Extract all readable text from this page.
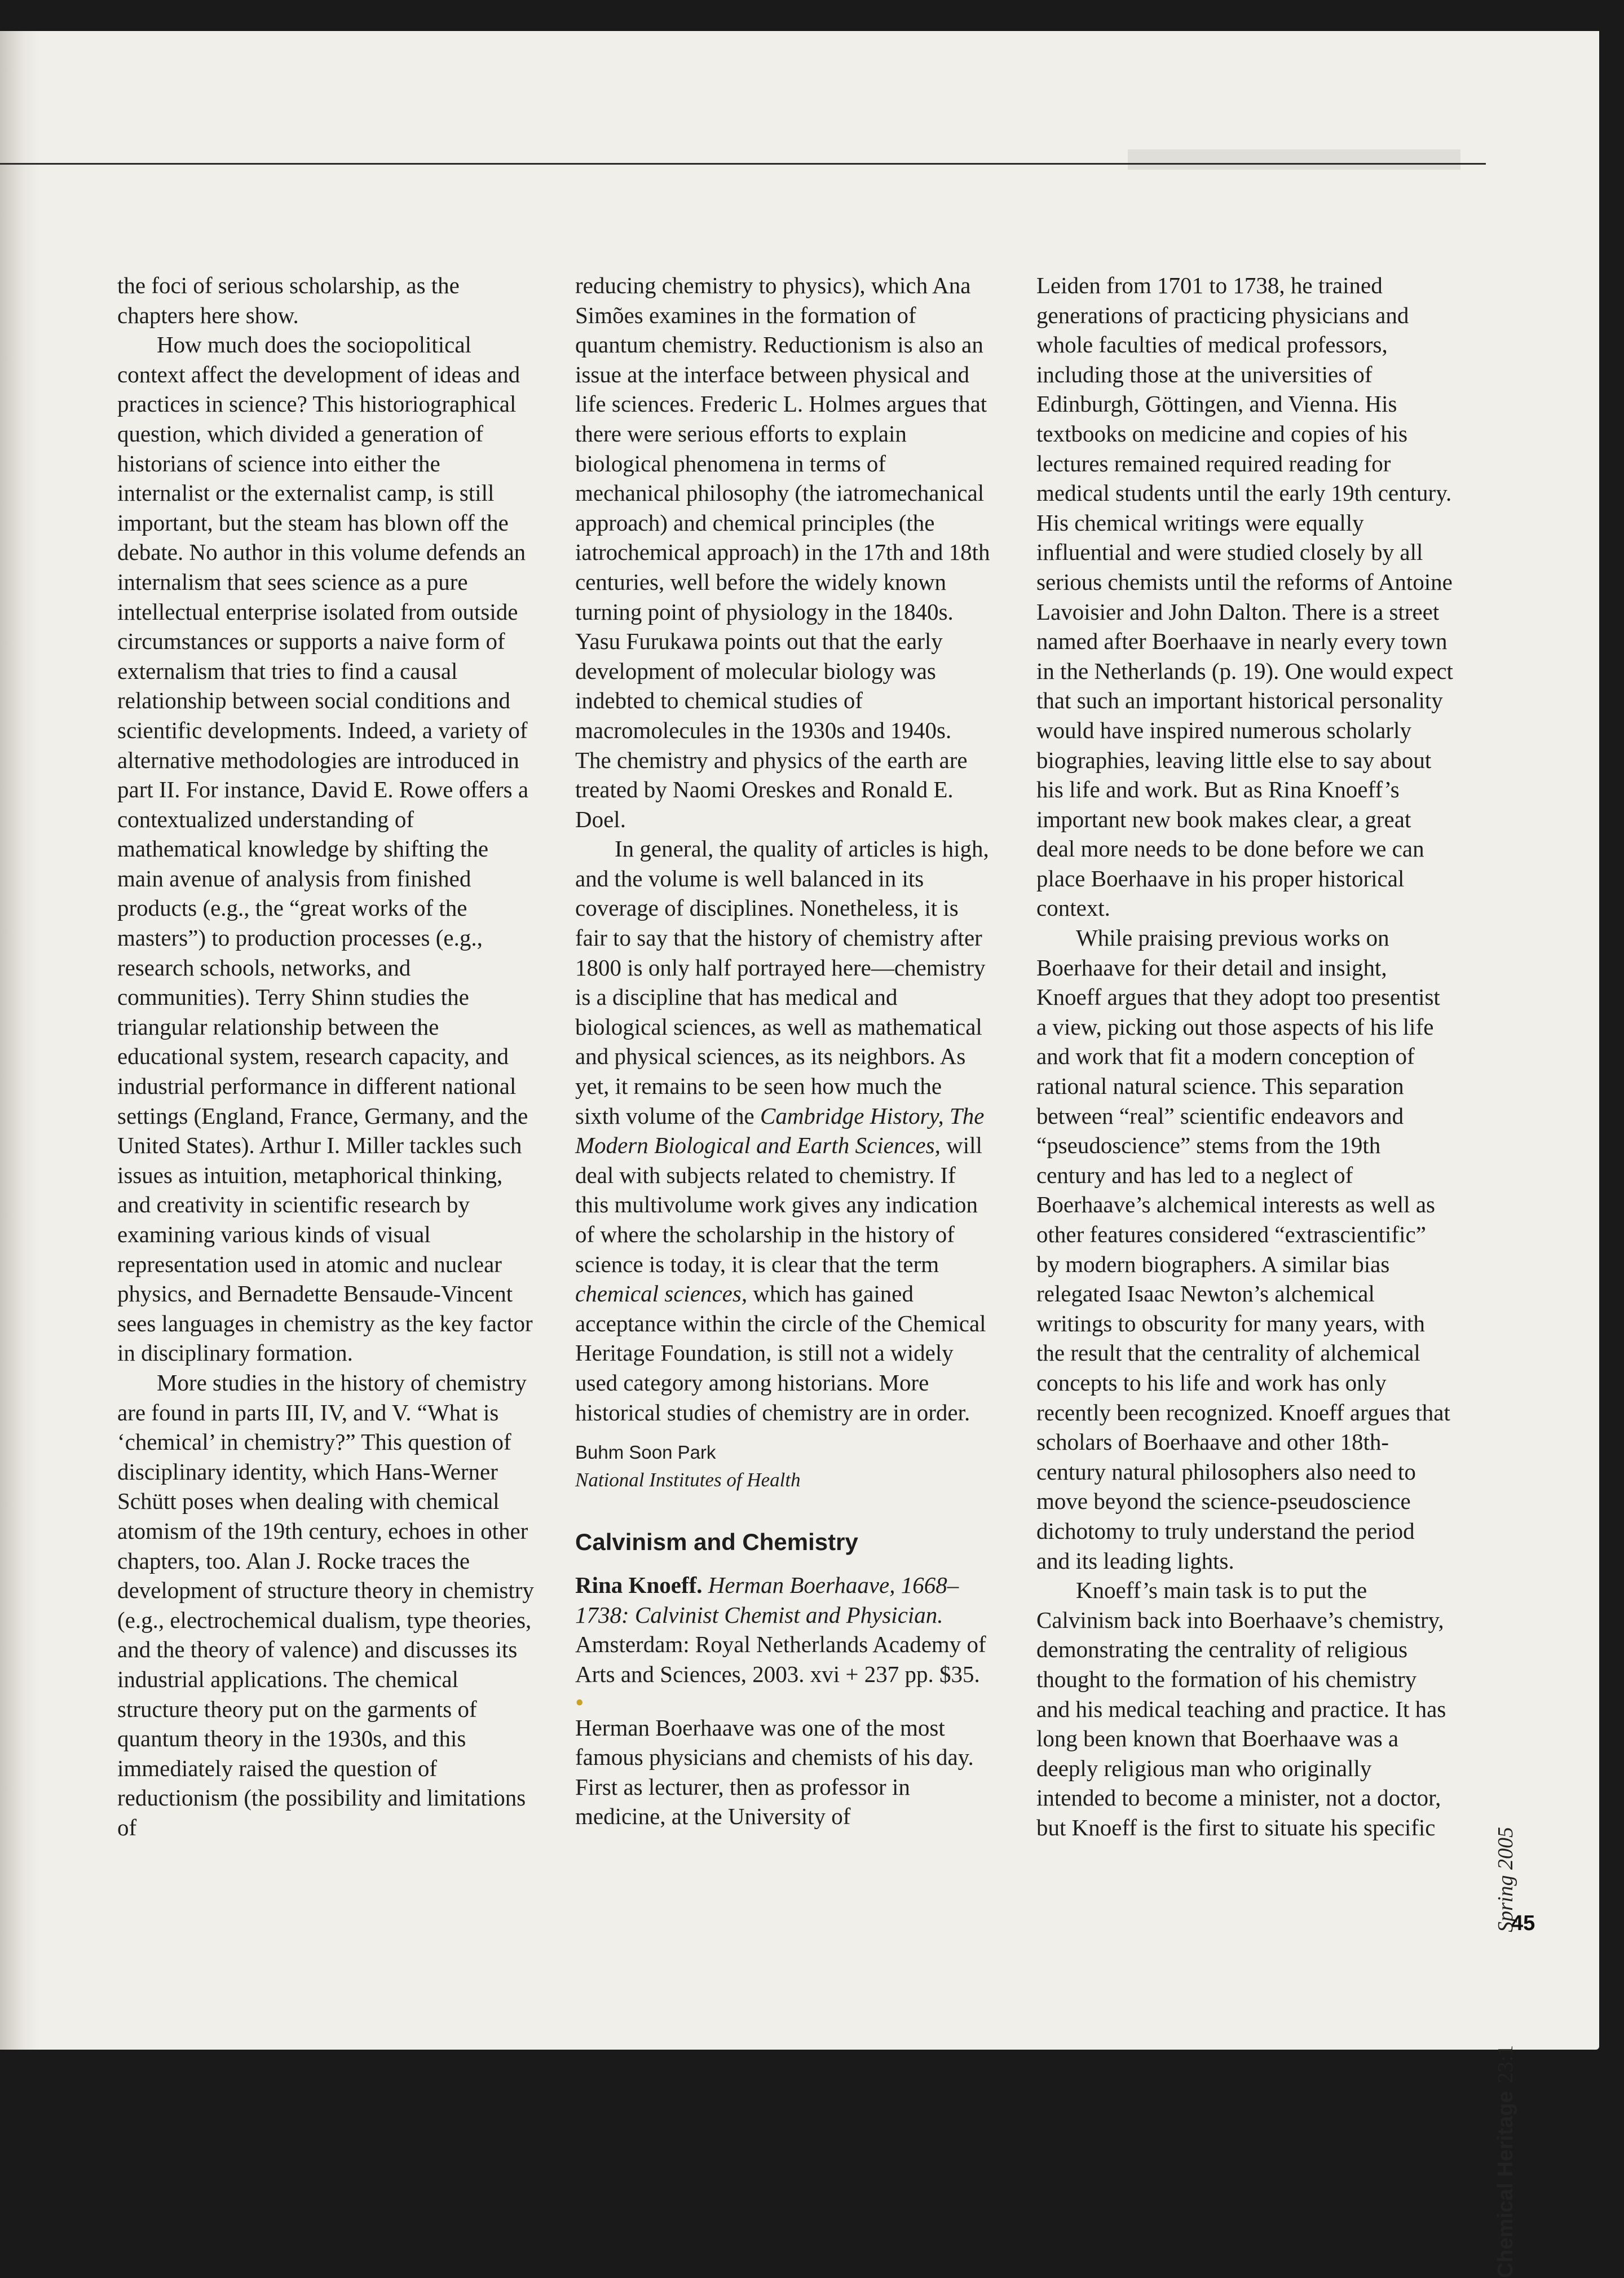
the foci of serious scholarship, as the chapters here show.

How much does the sociopolitical context affect the development of ideas and practices in science? This historiographical question, which divided a generation of historians of science into either the internalist or the externalist camp, is still important, but the steam has blown off the debate. No author in this volume defends an internalism that sees science as a pure intellectual enterprise isolated from outside circumstances or supports a naive form of externalism that tries to find a causal relationship between social conditions and scientific developments. Indeed, a variety of alternative methodologies are introduced in part II. For instance, David E. Rowe offers a contextualized understanding of mathematical knowledge by shifting the main avenue of analysis from finished products (e.g., the “great works of the masters”) to production processes (e.g., research schools, networks, and communities). Terry Shinn studies the triangular relationship between the educational system, research capacity, and industrial performance in different national settings (England, France, Germany, and the United States). Arthur I. Miller tackles such issues as intuition, metaphorical thinking, and creativity in scientific research by examining various kinds of visual representation used in atomic and nuclear physics, and Bernadette Bensaude-Vincent sees languages in chemistry as the key factor in disciplinary formation.

More studies in the history of chemistry are found in parts III, IV, and V. “What is ‘chemical’ in chemistry?” This question of disciplinary identity, which Hans-Werner Schütt poses when dealing with chemical atomism of the 19th century, echoes in other chapters, too. Alan J. Rocke traces the development of structure theory in chemistry (e.g., electrochemical dualism, type theories, and the theory of valence) and discusses its industrial applications. The chemical structure theory put on the garments of quantum theory in the 1930s, and this immediately raised the question of reductionism (the possibility and limitations of

reducing chemistry to physics), which Ana Simões examines in the formation of quantum chemistry. Reductionism is also an issue at the interface between physical and life sciences. Frederic L. Holmes argues that there were serious efforts to explain biological phenomena in terms of mechanical philosophy (the iatromechanical approach) and chemical principles (the iatrochemical approach) in the 17th and 18th centuries, well before the widely known turning point of physiology in the 1840s. Yasu Furukawa points out that the early development of molecular biology was indebted to chemical studies of macromolecules in the 1930s and 1940s. The chemistry and physics of the earth are treated by Naomi Oreskes and Ronald E. Doel.

In general, the quality of articles is high, and the volume is well balanced in its coverage of disciplines. Nonetheless, it is fair to say that the history of chemistry after 1800 is only half portrayed here—chemistry is a discipline that has medical and biological sciences, as well as mathematical and physical sciences, as its neighbors. As yet, it remains to be seen how much the sixth volume of the Cambridge History, The Modern Biological and Earth Sciences, will deal with subjects related to chemistry. If this multivolume work gives any indication of where the scholarship in the history of science is today, it is clear that the term chemical sciences, which has gained acceptance within the circle of the Chemical Heritage Foundation, is still not a widely used category among historians. More historical studies of chemistry are in order.

Buhm Soon Park
National Institutes of Health

Calvinism and Chemistry

Rina Knoeff. Herman Boerhaave, 1668–1738: Calvinist Chemist and Physician. Amsterdam: Royal Netherlands Academy of Arts and Sciences, 2003. xvi + 237 pp. $35.

•

Herman Boerhaave was one of the most famous physicians and chemists of his day. First as lecturer, then as professor in medicine, at the University of

Leiden from 1701 to 1738, he trained generations of practicing physicians and whole faculties of medical professors, including those at the universities of Edinburgh, Göttingen, and Vienna. His textbooks on medicine and copies of his lectures remained required reading for medical students until the early 19th century. His chemical writings were equally influential and were studied closely by all serious chemists until the reforms of Antoine Lavoisier and John Dalton. There is a street named after Boerhaave in nearly every town in the Netherlands (p. 19). One would expect that such an important historical personality would have inspired numerous scholarly biographies, leaving little else to say about his life and work. But as Rina Knoeff’s important new book makes clear, a great deal more needs to be done before we can place Boerhaave in his proper historical context.

While praising previous works on Boerhaave for their detail and insight, Knoeff argues that they adopt too presentist a view, picking out those aspects of his life and work that fit a modern conception of rational natural science. This separation between “real” scientific endeavors and “pseudoscience” stems from the 19th century and has led to a neglect of Boerhaave’s alchemical interests as well as other features considered “extrascientific” by modern biographers. A similar bias relegated Isaac Newton’s alchemical writings to obscurity for many years, with the result that the centrality of alchemical concepts to his life and work has only recently been recognized. Knoeff argues that scholars of Boerhaave and other 18th-century natural philosophers also need to move beyond the science-pseudoscience dichotomy to truly understand the period and its leading lights.

Knoeff’s main task is to put the Calvinism back into Boerhaave’s chemistry, demonstrating the centrality of religious thought to the formation of his chemistry and his medical teaching and practice. It has long been known that Boerhaave was a deeply religious man who originally intended to become a minister, not a doctor, but Knoeff is the first to situate his specific

Chemical Heritage23:1Spring 2005
45
